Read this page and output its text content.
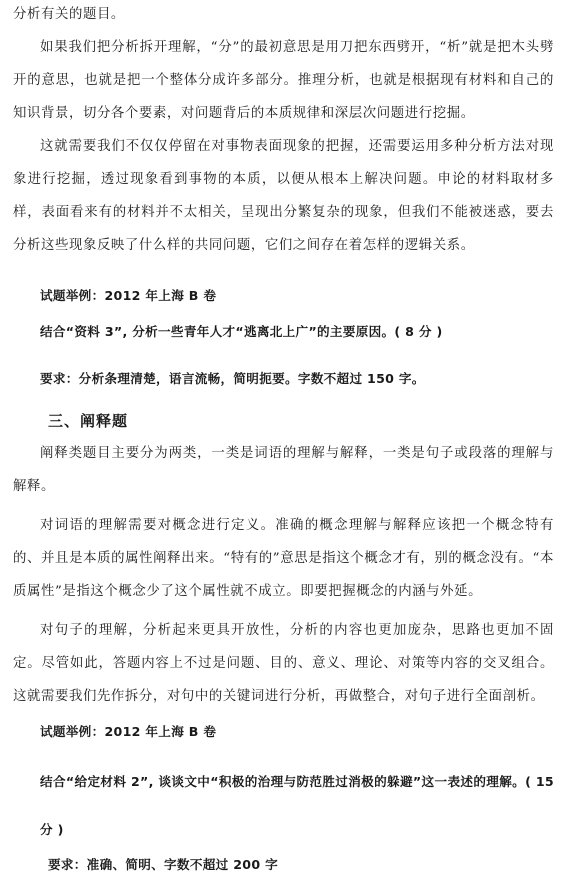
分析有关的题目。

如果我们把分析拆开理解，“分”的最初意思是用刀把东西劈开，“析”就是把木头劈开的意思，也就是把一个整体分成许多部分。推理分析，也就是根据现有材料和自己的知识背景，切分各个要素，对问题背后的本质规律和深层次问题进行挖掘。

这就需要我们不仅仅停留在对事物表面现象的把握，还需要运用多种分析方法对现象进行挖掘，透过现象看到事物的本质，以便从根本上解决问题。申论的材料取材多样，表面看来有的材料并不太相关，呈现出分繁复杂的现象，但我们不能被迷惑，要去分析这些现象反映了什么样的共同问题，它们之间存在着怎样的逻辑关系。

试题举例：2012 年上海 B 卷

结合“资料 3”, 分析一些青年人才“逃离北上广”的主要原因。( 8 分 )

要求：分析条理清楚，语言流畅，简明扼要。字数不超过 150 字。

三、阐释题

阐释类题目主要分为两类，一类是词语的理解与解释，一类是句子或段落的理解与解释。

对词语的理解需要对概念进行定义。准确的概念理解与解释应该把一个概念特有的、并且是本质的属性阐释出来。“特有的”意思是指这个概念才有，别的概念没有。“本质属性”是指这个概念少了这个属性就不成立。即要把握概念的内涵与外延。

对句子的理解，分析起来更具开放性，分析的内容也更加庞杂，思路也更加不固定。尽管如此，答题内容上不过是问题、目的、意义、理论、对策等内容的交叉组合。这就需要我们先作拆分，对句中的关键词进行分析，再做整合，对句子进行全面剖析。

试题举例：2012 年上海 B 卷

结合“给定材料 2”, 谈谈文中“积极的治理与防范胜过消极的躲避”这一表述的理解。( 15 分 )

要求：准确、简明、字数不超过 200 字
